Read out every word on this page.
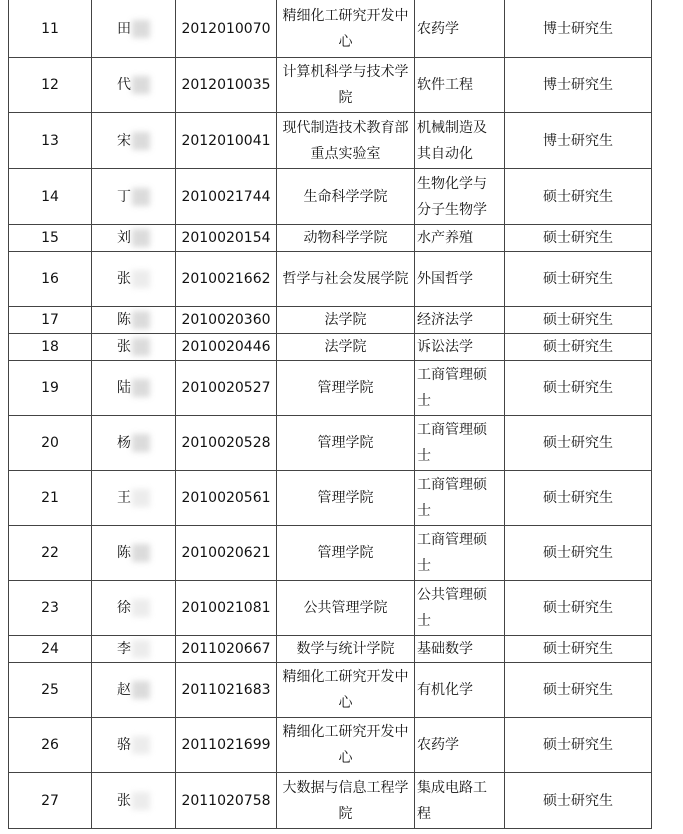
11	田	2012010070	精细化工研究开发中心	农药学	博士研究生
12	代	2012010035	计算机科学与技术学院	软件工程	博士研究生
13	宋	2012010041	现代制造技术教育部重点实验室	机械制造及其自动化	博士研究生
14	丁	2010021744	生命科学学院	生物化学与分子生物学	硕士研究生
15	刘	2010020154	动物科学学院	水产养殖	硕士研究生
16	张	2010021662	哲学与社会发展学院	外国哲学	硕士研究生
17	陈	2010020360	法学院	经济法学	硕士研究生
18	张	2010020446	法学院	诉讼法学	硕士研究生
19	陆	2010020527	管理学院	工商管理硕士	硕士研究生
20	杨	2010020528	管理学院	工商管理硕士	硕士研究生
21	王	2010020561	管理学院	工商管理硕士	硕士研究生
22	陈	2010020621	管理学院	工商管理硕士	硕士研究生
23	徐	2010021081	公共管理学院	公共管理硕士	硕士研究生
24	李	2011020667	数学与统计学院	基础数学	硕士研究生
25	赵	2011021683	精细化工研究开发中心	有机化学	硕士研究生
26	骆	2011021699	精细化工研究开发中心	农药学	硕士研究生
27	张	2011020758	大数据与信息工程学院	集成电路工程	硕士研究生
